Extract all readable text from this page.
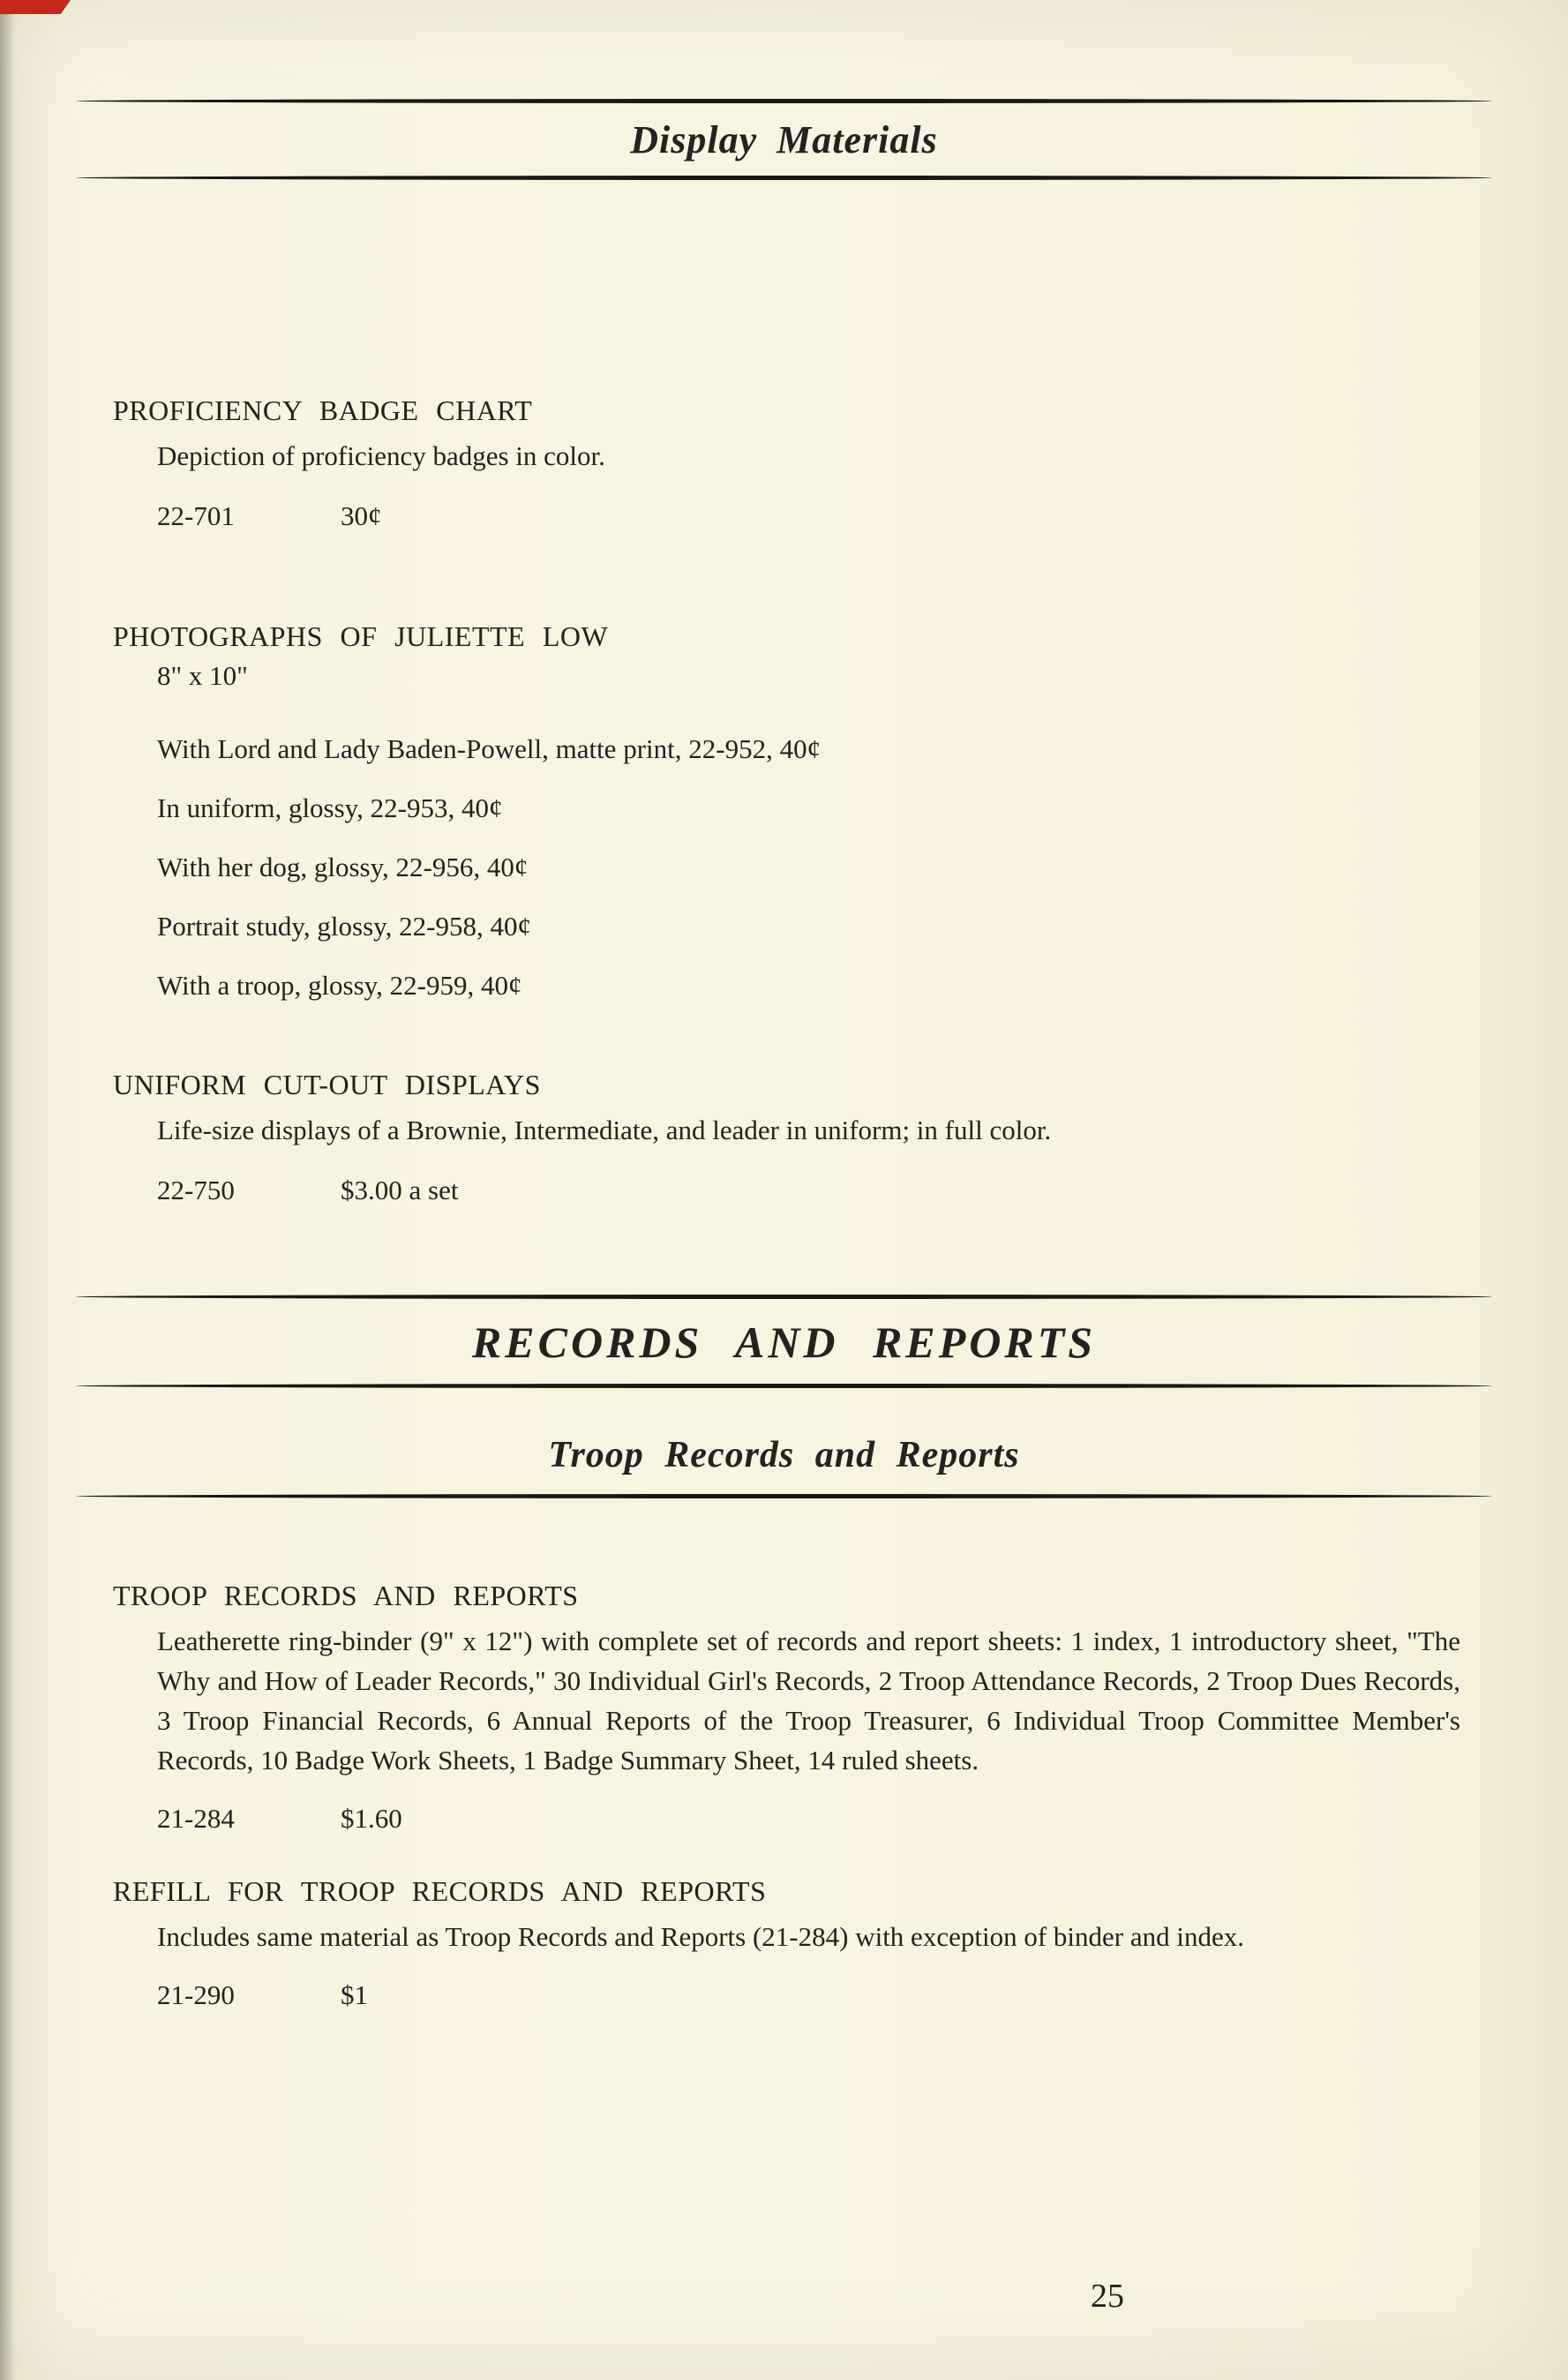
Display Materials
PROFICIENCY BADGE CHART

Depiction of proficiency badges in color.

22-701	30¢

PHOTOGRAPHS OF JULIETTE LOW

8" x 10"

With Lord and Lady Baden-Powell, matte print, 22-952, 40¢
In uniform, glossy, 22-953, 40¢
With her dog, glossy, 22-956, 40¢
Portrait study, glossy, 22-958, 40¢
With a troop, glossy, 22-959, 40¢
UNIFORM CUT-OUT DISPLAYS

Life-size displays of a Brownie, Intermediate, and leader in uniform; in full color.

22-750	$3.00 a set

RECORDS AND REPORTS
Troop Records and Reports
TROOP RECORDS AND REPORTS

Leatherette ring-binder (9" x 12") with complete set of records and report sheets: 1 index, 1 introductory sheet, "The Why and How of Leader Records," 30 Individual Girl's Records, 2 Troop Attendance Records, 2 Troop Dues Records, 3 Troop Financial Records, 6 Annual Reports of the Troop Treasurer, 6 Individual Troop Committee Member's Records, 10 Badge Work Sheets, 1 Badge Summary Sheet, 14 ruled sheets.

21-284	$1.60

REFILL FOR TROOP RECORDS AND REPORTS

Includes same material as Troop Records and Reports (21-284) with exception of binder and index.

21-290	$1

25
